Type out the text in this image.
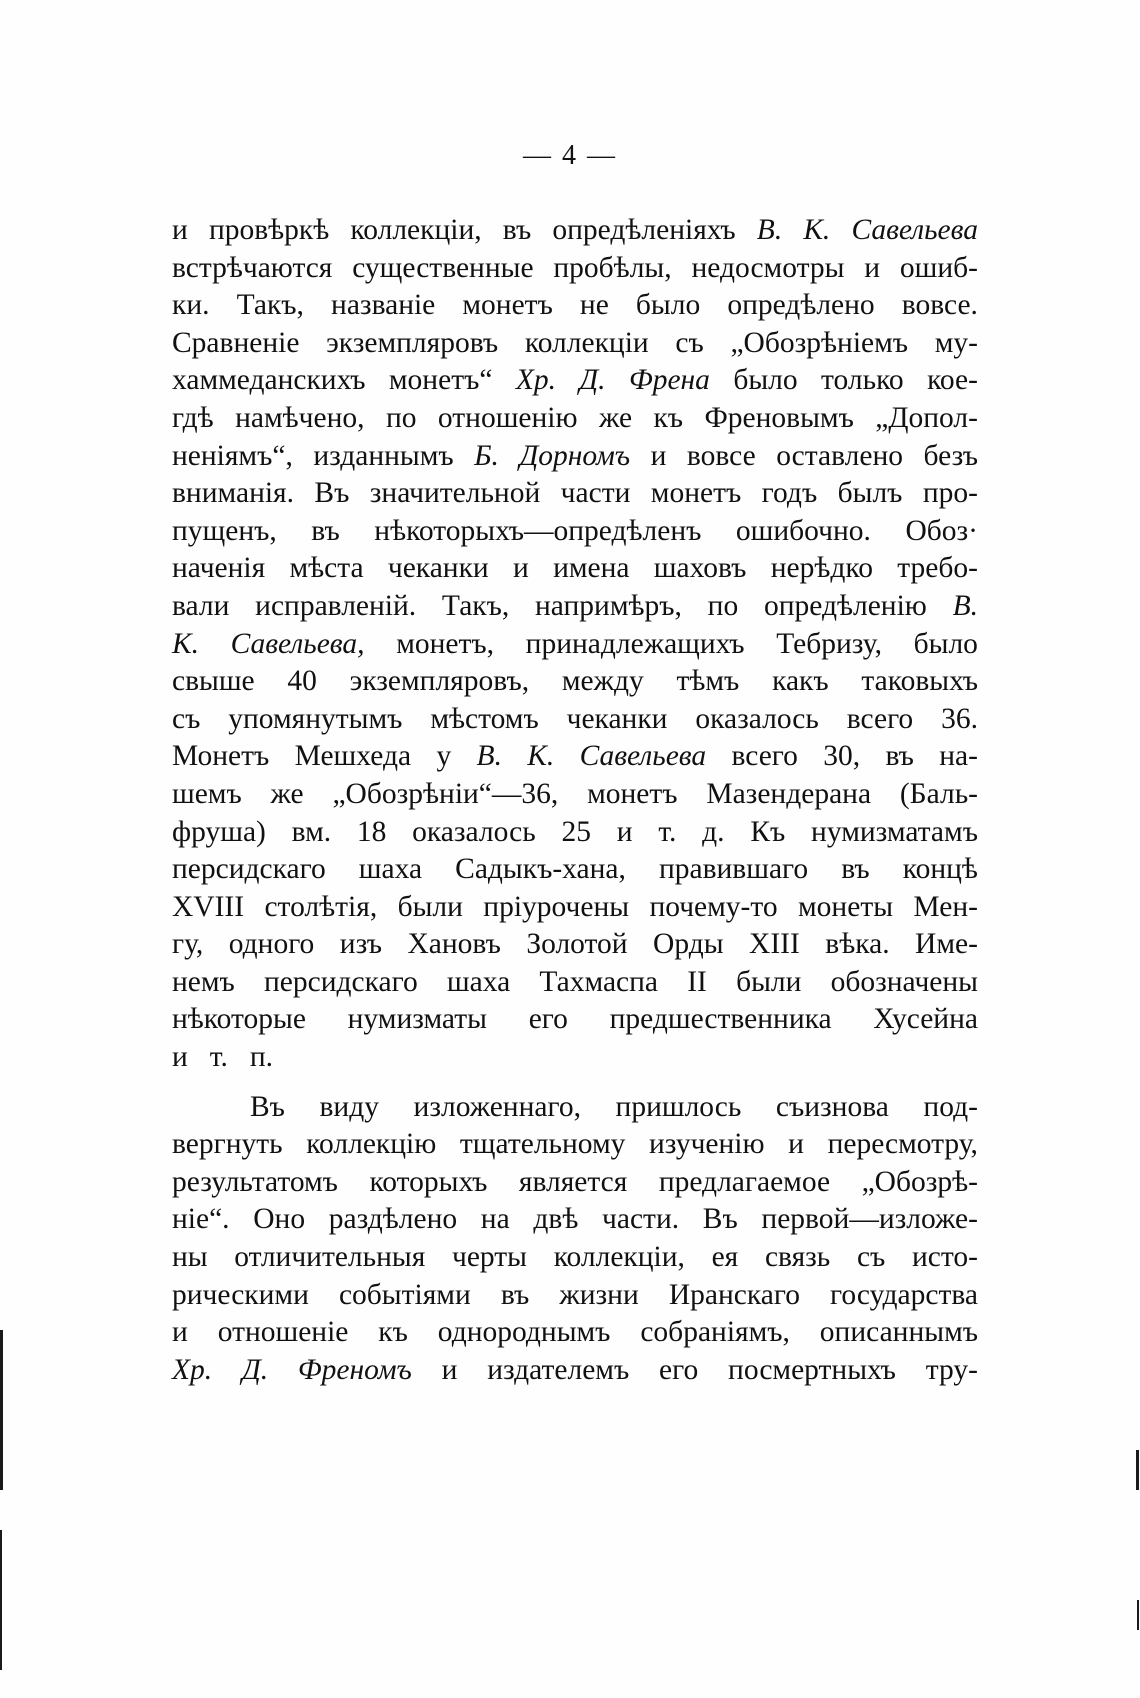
— 4 —
и провѣркѣ коллекціи, въ опредѣленіяхъ В. К. Савельева
встрѣчаются существенные пробѣлы, недосмотры и ошиб-
ки. Такъ, названіе монетъ не было опредѣлено вовсе.
Сравненіе экземпляровъ коллекціи съ „Обозрѣніемъ му-
хаммеданскихъ монетъ“ Хр. Д. Френа было только кое-
гдѣ намѣчено, по отношенію же къ Френовымъ „Допол-
неніямъ“, изданнымъ Б. Дорномъ и вовсе оставлено безъ
вниманія. Въ значительной части монетъ годъ былъ про-
пущенъ, въ нѣкоторыхъ—опредѣленъ ошибочно. Обоз·
наченія мѣста чеканки и имена шаховъ нерѣдко требо-
вали исправленій. Такъ, напримѣръ, по опредѣленію В.
К. Савельева, монетъ, принадлежащихъ Тебризу, было
свыше 40 экземпляровъ, между тѣмъ какъ таковыхъ
съ упомянутымъ мѣстомъ чеканки оказалось всего 36.
Монетъ Мешхеда у В. К. Савельева всего 30, въ на-
шемъ же „Обозрѣніи“—36, монетъ Мазендерана (Баль-
фруша) вм. 18 оказалось 25 и т. д. Къ нумизматамъ
персидскаго шаха Садыкъ-хана, правившаго въ концѣ
XVIII столѣтія, были пріурочены почему-то монеты Мен-
гу, одного изъ Хановъ Золотой Орды XIII вѣка. Име-
немъ персидскаго шаха Тахмаспа II были обозначены
нѣкоторые нумизматы его предшественника Хусейна
и т. п.
Въ виду изложеннаго, пришлось съизнова под-
вергнуть коллекцію тщательному изученію и пересмотру,
результатомъ которыхъ является предлагаемое „Обозрѣ-
ніе“. Оно раздѣлено на двѣ части. Въ первой—изложе-
ны отличительныя черты коллекціи, ея связь съ исто-
рическими событіями въ жизни Иранскаго государства
и отношеніе къ однороднымъ собраніямъ, описаннымъ
Хр. Д. Френомъ и издателемъ его посмертныхъ тру-
